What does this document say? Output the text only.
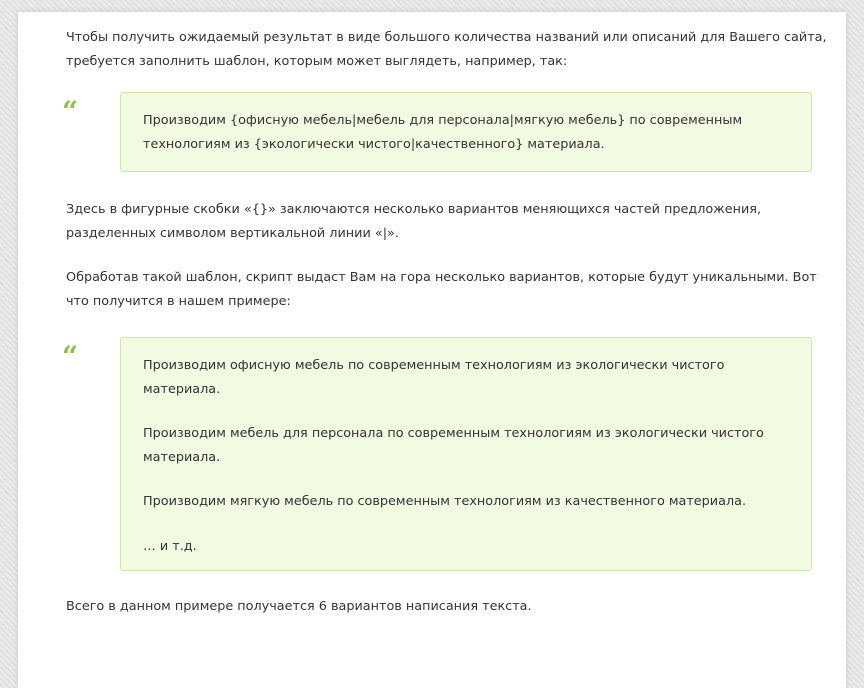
Чтобы получить ожидаемый результат в виде большого количества названий или описаний для Вашего сайта,
требуется заполнить шаблон, которым может выглядеть, например, так:

“	Производим {офисную мебель|мебель для персонала|мягкую мебель} по современным
технологиям из {экологически чистого|качественного} материала.

Здесь в фигурные скобки «{}» заключаются несколько вариантов меняющихся частей предложения,
разделенных символом вертикальной линии «|».

Обработав такой шаблон, скрипт выдаст Вам на гора несколько вариантов, которые будут уникальными. Вот
что получится в нашем примере:

“	Производим офисную мебель по современным технологиям из экологически чистого
материала.

Производим мебель для персонала по современным технологиям из экологически чистого
материала.

Производим мягкую мебель по современным технологиям из качественного материала.

… и т.д.

Всего в данном примере получается 6 вариантов написания текста.
